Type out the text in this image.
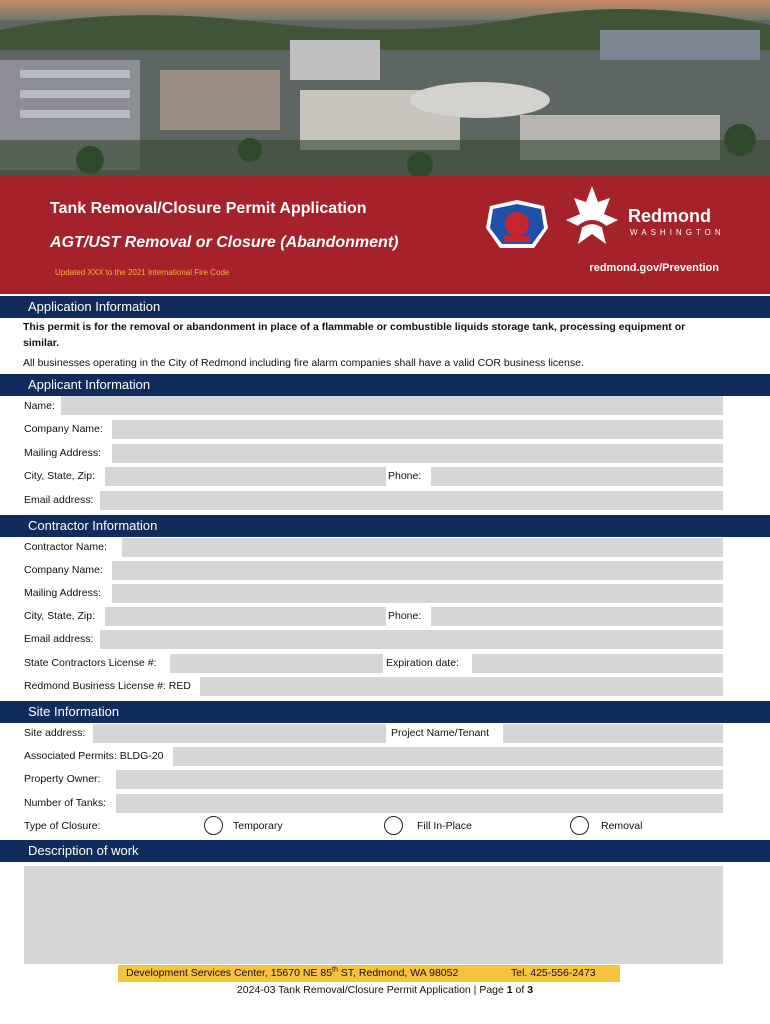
Tank Removal/Closure Permit Application
AGT/UST Removal or Closure (Abandonment)
Updated XXX to the 2021 International Fire Code	redmond.gov/Prevention
Redmond
WASHINGTON
Application Information
This permit is for the removal or abandonment in place of a flammable or combustible liquids storage tank, processing equipment or
similar.
All businesses operating in the City of Redmond including fire alarm companies shall have a valid COR business license.
Applicant Information
Name:
Company Name:
Mailing Address:
City, State, Zip:	Phone:
Email address:
Contractor Information
Contractor Name:
Company Name:
Mailing Address:
City, State, Zip:	Phone:
Email address:
State Contractors License #:	Expiration date:
Redmond Business License #: RED
Site Information
Site address:	Project Name/Tenant
Associated Permits: BLDG-20
Property Owner:
Number of Tanks:
Type of Closure:	Temporary	Fill In-Place	Removal
Description of work
Development Services Center, 15670 NE 85th ST, Redmond, WA 98052	Tel. 425-556-2473
2024-03 Tank Removal/Closure Permit Application | Page 1 of 3
